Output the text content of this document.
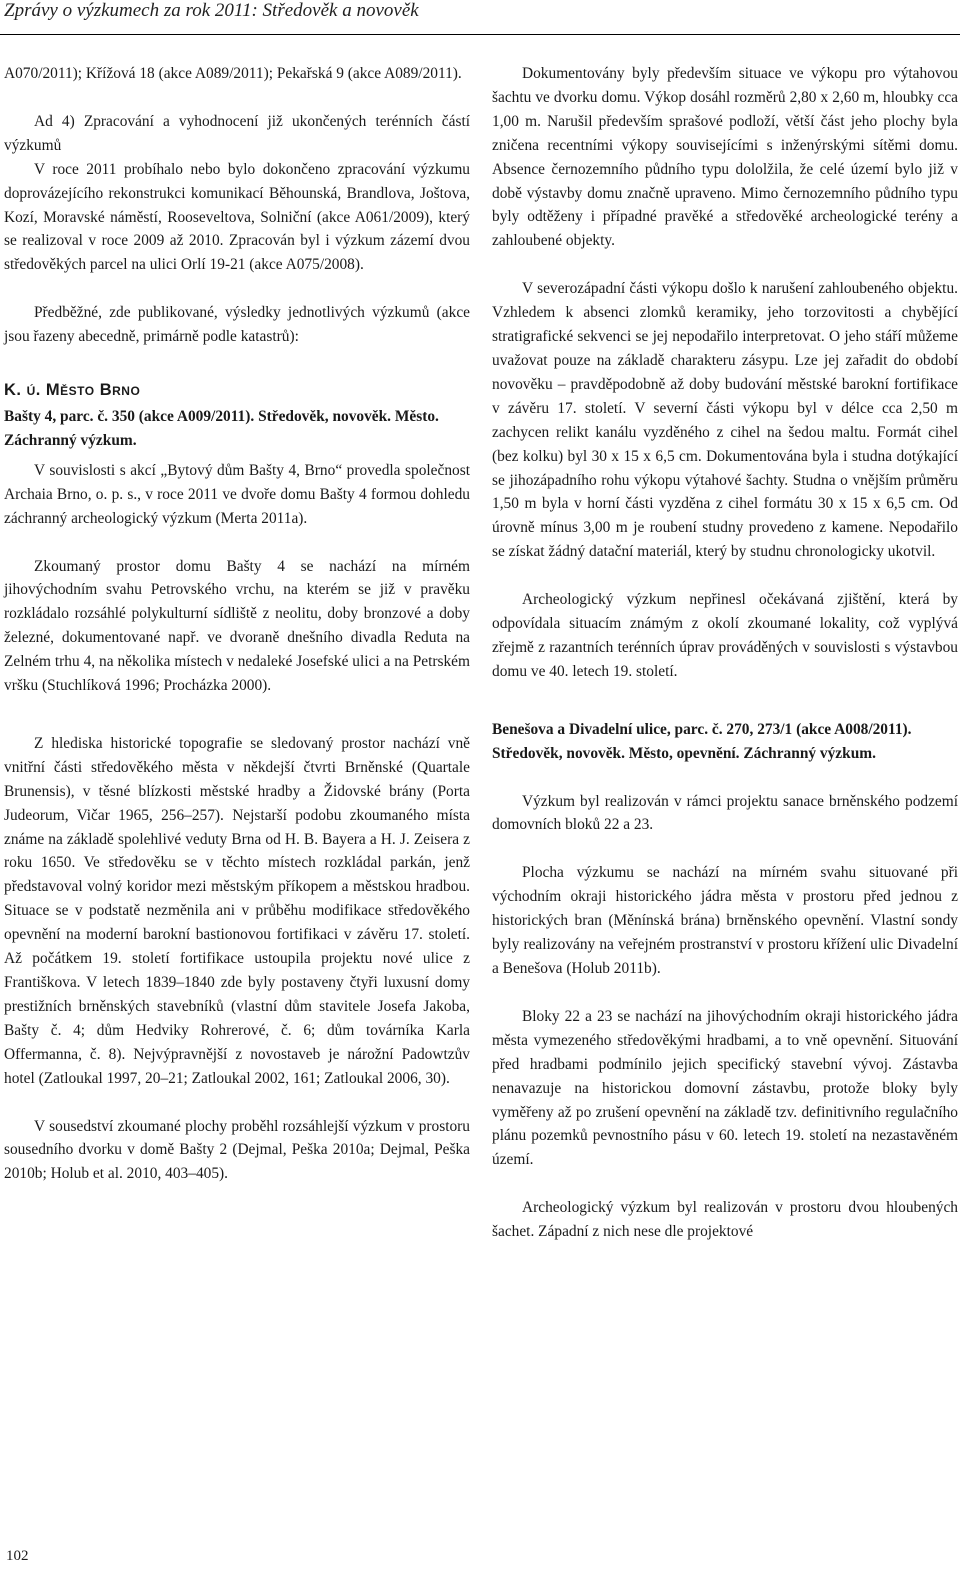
Zprávy o výzkumech za rok 2011: Středověk a novověk

A070/2011); Křížová 18 (akce A089/2011); Pekařská 9 (akce A089/2011).

Ad 4) Zpracování a vyhodnocení již ukončených terénních částí výzkumů

V roce 2011 probíhalo nebo bylo dokončeno zpracování výzkumu doprovázejícího rekonstrukci komunikací Běhounská, Brandlova, Joštova, Kozí, Moravské náměstí, Rooseveltova, Solniční (akce A061/2009), který se realizoval v roce 2009 až 2010. Zpracován byl i výzkum zázemí dvou středověkých parcel na ulici Orlí 19-21 (akce A075/2008).

Předběžné, zde publikované, výsledky jednotlivých výzkumů (akce jsou řazeny abecedně, primárně podle katastrů):

K. ú. Město Brno

Bašty 4, parc. č. 350 (akce A009/2011). Středověk, novověk. Město. Záchranný výzkum.

V souvislosti s akcí „Bytový dům Bašty 4, Brno“ provedla společnost Archaia Brno, o. p. s., v roce 2011 ve dvoře domu Bašty 4 formou dohledu záchranný archeologický výzkum (Merta 2011a).

Zkoumaný prostor domu Bašty 4 se nachází na mírném jihovýchodním svahu Petrovského vrchu, na kterém se již v pravěku rozkládalo rozsáhlé polykulturní sídliště z neolitu, doby bronzové a doby železné, dokumentované např. ve dvoraně dnešního divadla Reduta na Zelném trhu 4, na několika místech v nedaleké Josefské ulici a na Petrském vršku (Stuchlíková 1996; Procházka 2000).

Z hlediska historické topografie se sledovaný prostor nachází vně vnitřní části středověkého města v někdejší čtvrti Brněnské (Quartale Brunensis), v těsné blízkosti městské hradby a Židovské brány (Porta Judeorum, Vičar 1965, 256–257). Nejstarší podobu zkoumaného místa známe na základě spolehlivé veduty Brna od H. B. Bayera a H. J. Zeisera z roku 1650. Ve středověku se v těchto místech rozkládal parkán, jenž představoval volný koridor mezi městským příkopem a městskou hradbou. Situace se v podstatě nezměnila ani v průběhu modifikace středověkého opevnění na moderní barokní bastionovou fortifikaci v závěru 17. století. Až počátkem 19. století fortifikace ustoupila projektu nové ulice z Františkova. V letech 1839–1840 zde byly postaveny čtyři luxusní domy prestižních brněnských stavebníků (vlastní dům stavitele Josefa Jakoba, Bašty č. 4; dům Hedviky Rohrerové, č. 6; dům továrníka Karla Offermanna, č. 8). Nejvýpravnější z novostaveb je nárožní Padowtzův hotel (Zatloukal 1997, 20–21; Zatloukal 2002, 161; Zatloukal 2006, 30).

V sousedství zkoumané plochy proběhl rozsáhlejší výzkum v prostoru sousedního dvorku v domě Bašty 2 (Dejmal, Peška 2010a; Dejmal, Peška 2010b; Holub et al. 2010, 403–405).

Dokumentovány byly především situace ve výkopu pro výtahovou šachtu ve dvorku domu. Výkop dosáhl rozměrů 2,80 x 2,60 m, hloubky cca 1,00 m. Narušil především sprašové podloží, větší část jeho plochy byla zničena recentními výkopy souvisejícími s inženýrskými sítěmi domu. Absence černozemního půdního typu dololžila, že celé území bylo již v době výstavby domu značně upraveno. Mimo černozemního půdního typu byly odtěženy i případné pravěké a středověké archeologické terény a zahloubené objekty.

V severozápadní části výkopu došlo k narušení zahloubeného objektu. Vzhledem k absenci zlomků keramiky, jeho torzovitosti a chybějící stratigrafické sekvenci se jej nepodařilo interpretovat. O jeho stáří můžeme uvažovat pouze na základě charakteru zásypu. Lze jej zařadit do období novověku – pravděpodobně až doby budování městské barokní fortifikace v závěru 17. století. V severní části výkopu byl v délce cca 2,50 m zachycen relikt kanálu vyzděného z cihel na šedou maltu. Formát cihel (bez kolku) byl 30 x 15 x 6,5 cm. Dokumentována byla i studna dotýkající se jihozápadního rohu výkopu výtahové šachty. Studna o vnějším průměru 1,50 m byla v horní části vyzděna z cihel formátu 30 x 15 x 6,5 cm. Od úrovně mínus 3,00 m je roubení studny provedeno z kamene. Nepodařilo se získat žádný datační materiál, který by studnu chronologicky ukotvil.

Archeologický výzkum nepřinesl očekávaná zjištění, která by odpovídala situacím známým z okolí zkoumané lokality, což vyplývá zřejmě z razantních terénních úprav prováděných v souvislosti s výstavbou domu ve 40. letech 19. století.

Benešova a Divadelní ulice, parc. č. 270, 273/1 (akce A008/2011). Středověk, novověk. Město, opevnění. Záchranný výzkum.

Výzkum byl realizován v rámci projektu sanace brněnského podzemí domovních bloků 22 a 23.

Plocha výzkumu se nachází na mírném svahu situované při východním okraji historického jádra města v prostoru před jednou z historických bran (Měnínská brána) brněnského opevnění. Vlastní sondy byly realizovány na veřejném prostranství v prostoru křížení ulic Divadelní a Benešova (Holub 2011b).

Bloky 22 a 23 se nachází na jihovýchodním okraji historického jádra města vymezeného středověkými hradbami, a to vně opevnění. Situování před hradbami podmínilo jejich specifický stavební vývoj. Zástavba nenavazuje na historickou domovní zástavbu, protože bloky byly vyměřeny až po zrušení opevnění na základě tzv. definitivního regulačního plánu pozemků pevnostního pásu v 60. letech 19. století na nezastavěném území.

Archeologický výzkum byl realizován v prostoru dvou hloubených šachet. Západní z nich nese dle projektové

102
